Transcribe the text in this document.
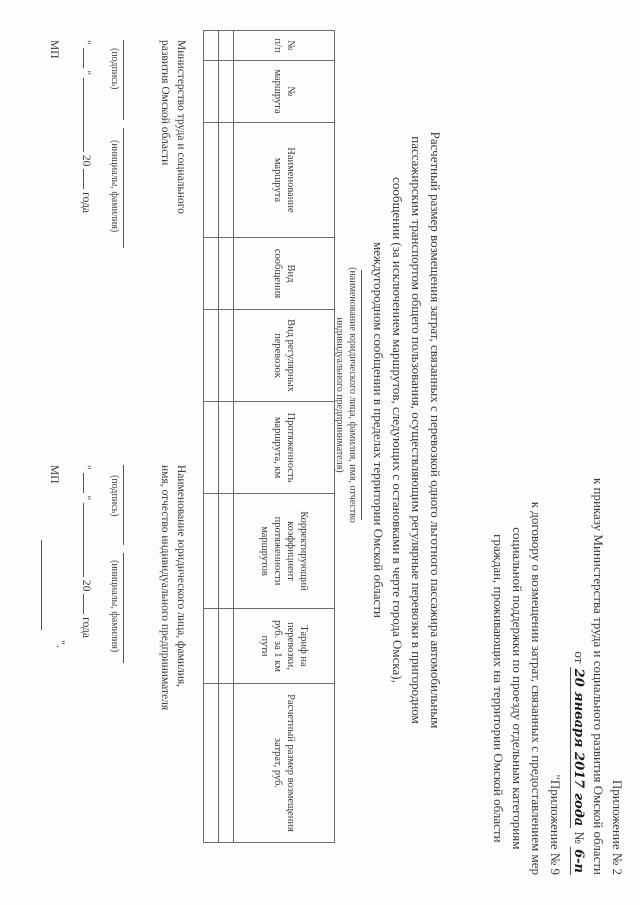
Приложение № 2
к приказу Министерства труда и социального развития Омской области
от 20 января 2017 года № 6-п
"Приложение № 9
к договору о возмещении затрат, связанных с предоставлением мер
социальной поддержки по проезду отдельным категориям
граждан, проживающих на территории Омской области
Расчетный размер возмещения затрат, связанных с перевозкой одного льготного пассажира автомобильным
пассажирским транспортом общего пользования, осуществляющим регулярные перевозки в пригородном
сообщении (за исключением маршрутов, следующих с остановками в черте города Омска),
междугородном сообщении в пределах территории Омской области
(наименование юридического лица, фамилия, имя, отчество
индивидуального предпринимателя)
№ п/п	№ маршрута	Наименование маршрута	Вид сообщения	Вид регулярных перевозок	Протяженность маршрута, км	Корректирующий коэффициент протяженности маршрутов	Тариф на перевозки, руб. за 1 км пути	Расчетный размер возмещения затрат, руб.

Министерство труда и социального
развития Омской области
(подпись)
(инициалы, фамилия)
"  "  20  года
МП
Наименование юридического лица, фамилия,
имя, отчество индивидуального предпринимателя
(подпись)
(инициалы, фамилия)
"  "  20  года
МП
".
